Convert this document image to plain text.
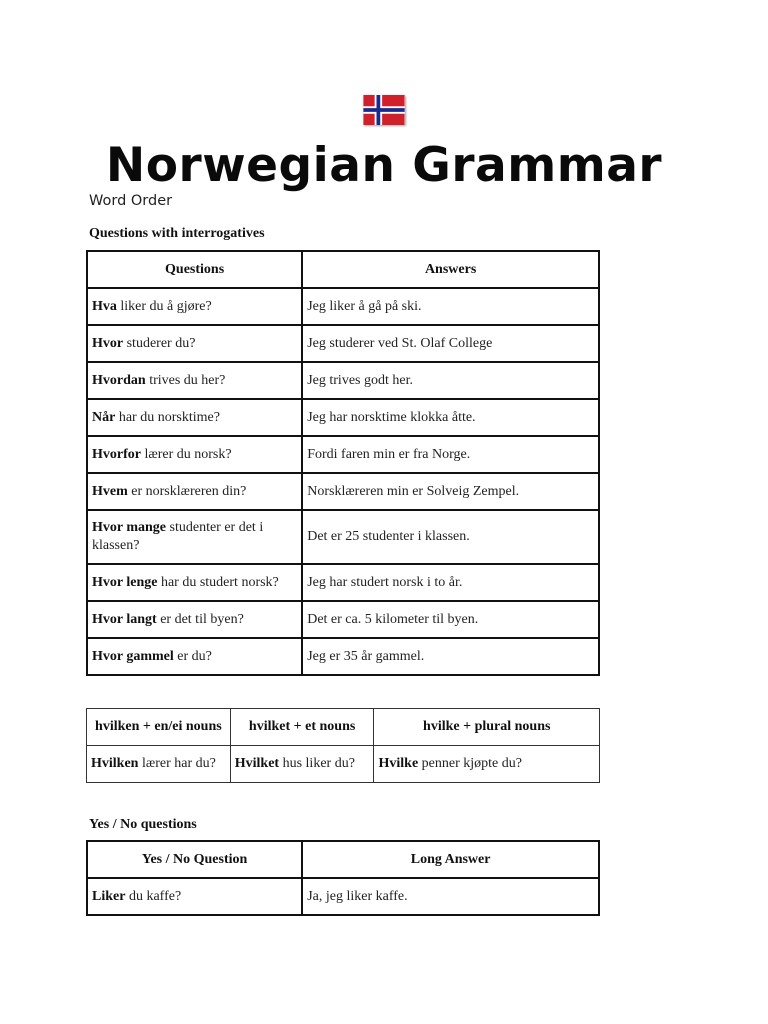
Norwegian Grammar
Word Order
Questions with interrogatives
Questions	Answers
Hva liker du å gjøre?	Jeg liker å gå på ski.
Hvor studerer du?	Jeg studerer ved St. Olaf College
Hvordan trives du her?	Jeg trives godt her.
Når har du norsktime?	Jeg har norsktime klokka åtte.
Hvorfor lærer du norsk?	Fordi faren min er fra Norge.
Hvem er norsklæreren din?	Norsklæreren min er Solveig Zempel.
Hvor mange studenter er det i klassen?	Det er 25 studenter i klassen.
Hvor lenge har du studert norsk?	Jeg har studert norsk i to år.
Hvor langt er det til byen?	Det er ca. 5 kilometer til byen.
Hvor gammel er du?	Jeg er 35 år gammel.
hvilken + en/ei nouns	hvilket + et nouns	hvilke + plural nouns
Hvilken lærer har du?	Hvilket hus liker du?	Hvilke penner kjøpte du?
Yes / No questions
Yes / No Question	Long Answer
Liker du kaffe?	Ja, jeg liker kaffe.
